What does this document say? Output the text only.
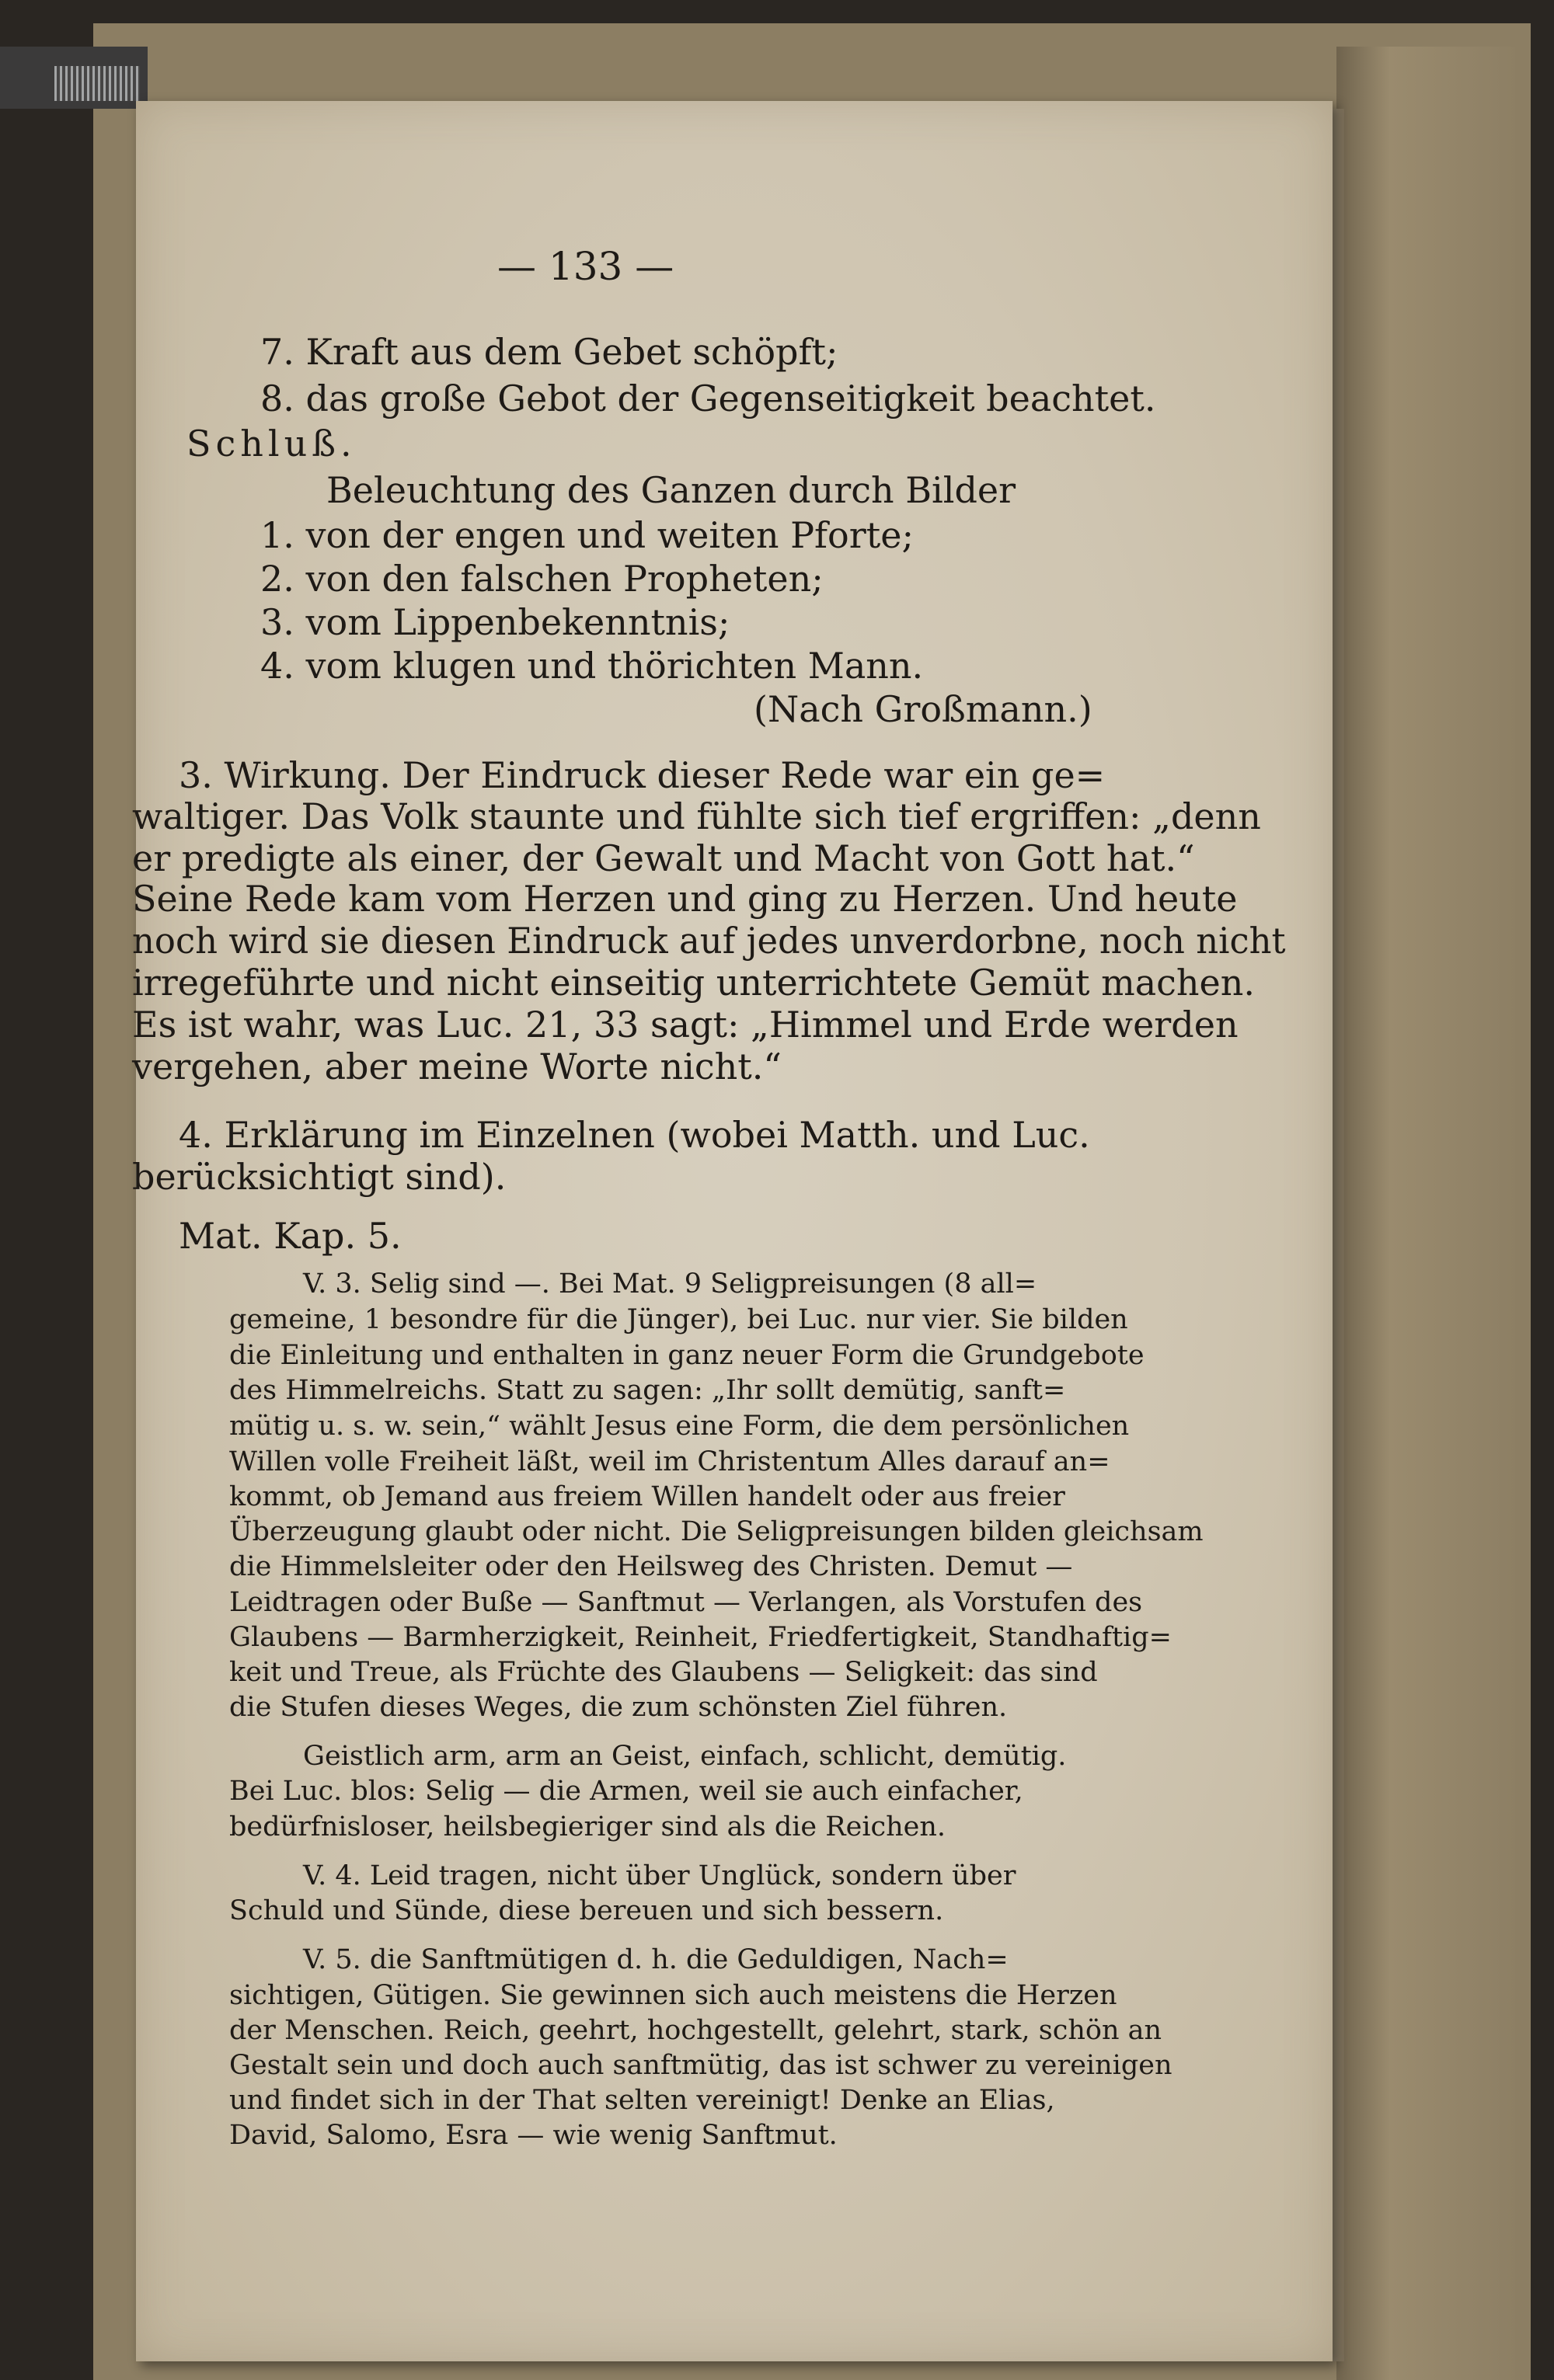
— 133 —

7. Kraft aus dem Gebet schöpft;

8. das große Gebot der Gegenseitigkeit beachtet.

Schluß.

Beleuchtung des Ganzen durch Bilder

1. von der engen und weiten Pforte;

2. von den falschen Propheten;

3. vom Lippenbekenntnis;

4. vom klugen und thörichten Mann.

(Nach Großmann.)

3. Wirkung. Der Eindruck dieser Rede war ein ge=

waltiger. Das Volk staunte und fühlte sich tief ergriffen: „denn

er predigte als einer, der Gewalt und Macht von Gott hat.“

Seine Rede kam vom Herzen und ging zu Herzen. Und heute

noch wird sie diesen Eindruck auf jedes unverdorbne, noch nicht

irregeführte und nicht einseitig unterrichtete Gemüt machen.

Es ist wahr, was Luc. 21, 33 sagt: „Himmel und Erde werden

vergehen, aber meine Worte nicht.“

4. Erklärung im Einzelnen (wobei Matth. und Luc.

berücksichtigt sind).

Mat. Kap. 5.

V. 3. Selig sind —. Bei Mat. 9 Seligpreisungen (8 all=

gemeine, 1 besondre für die Jünger), bei Luc. nur vier. Sie bilden

die Einleitung und enthalten in ganz neuer Form die Grundgebote

des Himmelreichs. Statt zu sagen: „Ihr sollt demütig, sanft=

mütig u. s. w. sein,“ wählt Jesus eine Form, die dem persönlichen

Willen volle Freiheit läßt, weil im Christentum Alles darauf an=

kommt, ob Jemand aus freiem Willen handelt oder aus freier

Überzeugung glaubt oder nicht. Die Seligpreisungen bilden gleichsam

die Himmelsleiter oder den Heilsweg des Christen. Demut —

Leidtragen oder Buße — Sanftmut — Verlangen, als Vorstufen des

Glaubens — Barmherzigkeit, Reinheit, Friedfertigkeit, Standhaftig=

keit und Treue, als Früchte des Glaubens — Seligkeit: das sind

die Stufen dieses Weges, die zum schönsten Ziel führen.

Geistlich arm, arm an Geist, einfach, schlicht, demütig.

Bei Luc. blos: Selig — die Armen, weil sie auch einfacher,

bedürfnisloser, heilsbegieriger sind als die Reichen.

V. 4. Leid tragen, nicht über Unglück, sondern über

Schuld und Sünde, diese bereuen und sich bessern.

V. 5. die Sanftmütigen d. h. die Geduldigen, Nach=

sichtigen, Gütigen. Sie gewinnen sich auch meistens die Herzen

der Menschen. Reich, geehrt, hochgestellt, gelehrt, stark, schön an

Gestalt sein und doch auch sanftmütig, das ist schwer zu vereinigen

und findet sich in der That selten vereinigt! Denke an Elias,

David, Salomo, Esra — wie wenig Sanftmut.
